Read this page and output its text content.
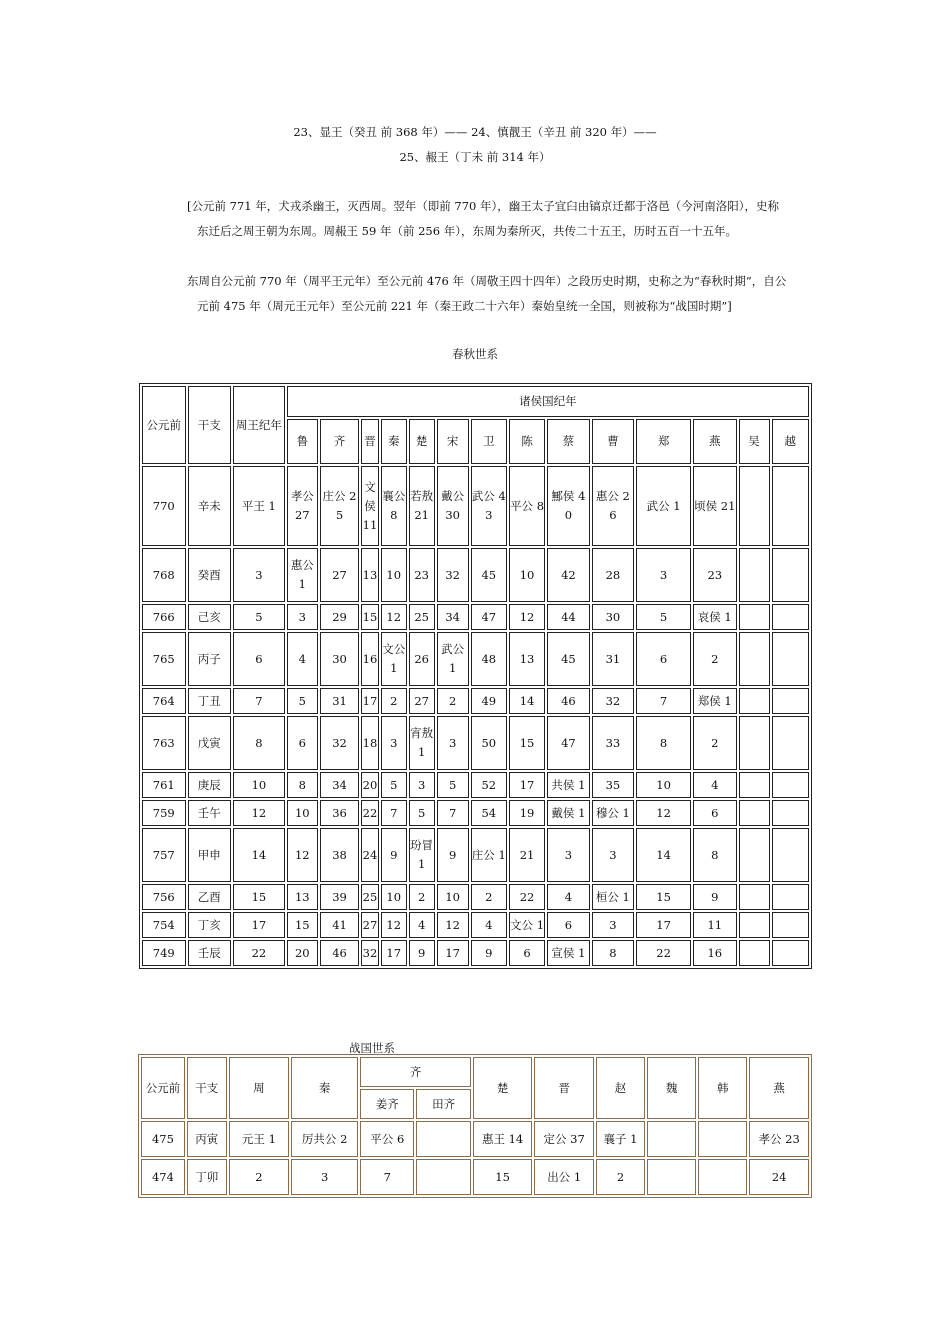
23、显王（癸丑 前 368 年）—— 24、慎靓王（辛丑 前 320 年）——
25、赧王（丁未 前 314 年）
[公元前 771 年，犬戎杀幽王，灭西周。翌年（即前 770 年），幽王太子宜臼由镐京迁都于洛邑（今河南洛阳），史称
东迁后之周王朝为东周。周赧王 59 年（前 256 年），东周为秦所灭，共传二十五王，历时五百一十五年。
东周自公元前 770 年（周平王元年）至公元前 476 年（周敬王四十四年）之段历史时期，史称之为“春秋时期”，自公
元前 475 年（周元王元年）至公元前 221 年（秦王政二十六年）秦始皇统一全国，则被称为“战国时期”]
春秋世系
公元前	干支	周王纪年	诸侯国纪年													
			鲁	齐	晋	秦	楚	宋	卫	陈	蔡	曹	郑	燕	吴	越
770	辛未	平王 1	孝公 27	庄公 25	文侯 11	襄公 8	若敖 21	戴公 30	武公 43	平公 8	鄦侯 40	惠公 26	武公 1	顷侯 21		
768	癸酉	3	惠公 1	27	13	10	23	32	45	10	42	28	3	23		
766	己亥	5	3	29	15	12	25	34	47	12	44	30	5	哀侯 1		
765	丙子	6	4	30	16	文公 1	26	武公 1	48	13	45	31	6	2		
764	丁丑	7	5	31	17	2	27	2	49	14	46	32	7	郑侯 1		
763	戊寅	8	6	32	18	3	宵敖 1	3	50	15	47	33	8	2		
761	庚辰	10	8	34	20	5	3	5	52	17	共侯 1	35	10	4		
759	壬午	12	10	36	22	7	5	7	54	19	戴侯 1	穆公 1	12	6		
757	甲申	14	12	38	24	9	玢冒 1	9	庄公 1	21	3	3	14	8		
756	乙酉	15	13	39	25	10	2	10	2	22	4	桓公 1	15	9		
754	丁亥	17	15	41	27	12	4	12	4	文公 1	6	3	17	11		
749	壬辰	22	20	46	32	17	9	17	9	6	宣侯 1	8	22	16		
战国世系
公元前	干支	周	秦	齐		楚	晋	赵	魏	韩	燕
				姜齐	田齐						
475	丙寅	元王 1	厉共公 2	平公 6		惠王 14	定公 37	襄子 1			孝公 23
474	丁卯	2	3	7		15	出公 1	2			24
